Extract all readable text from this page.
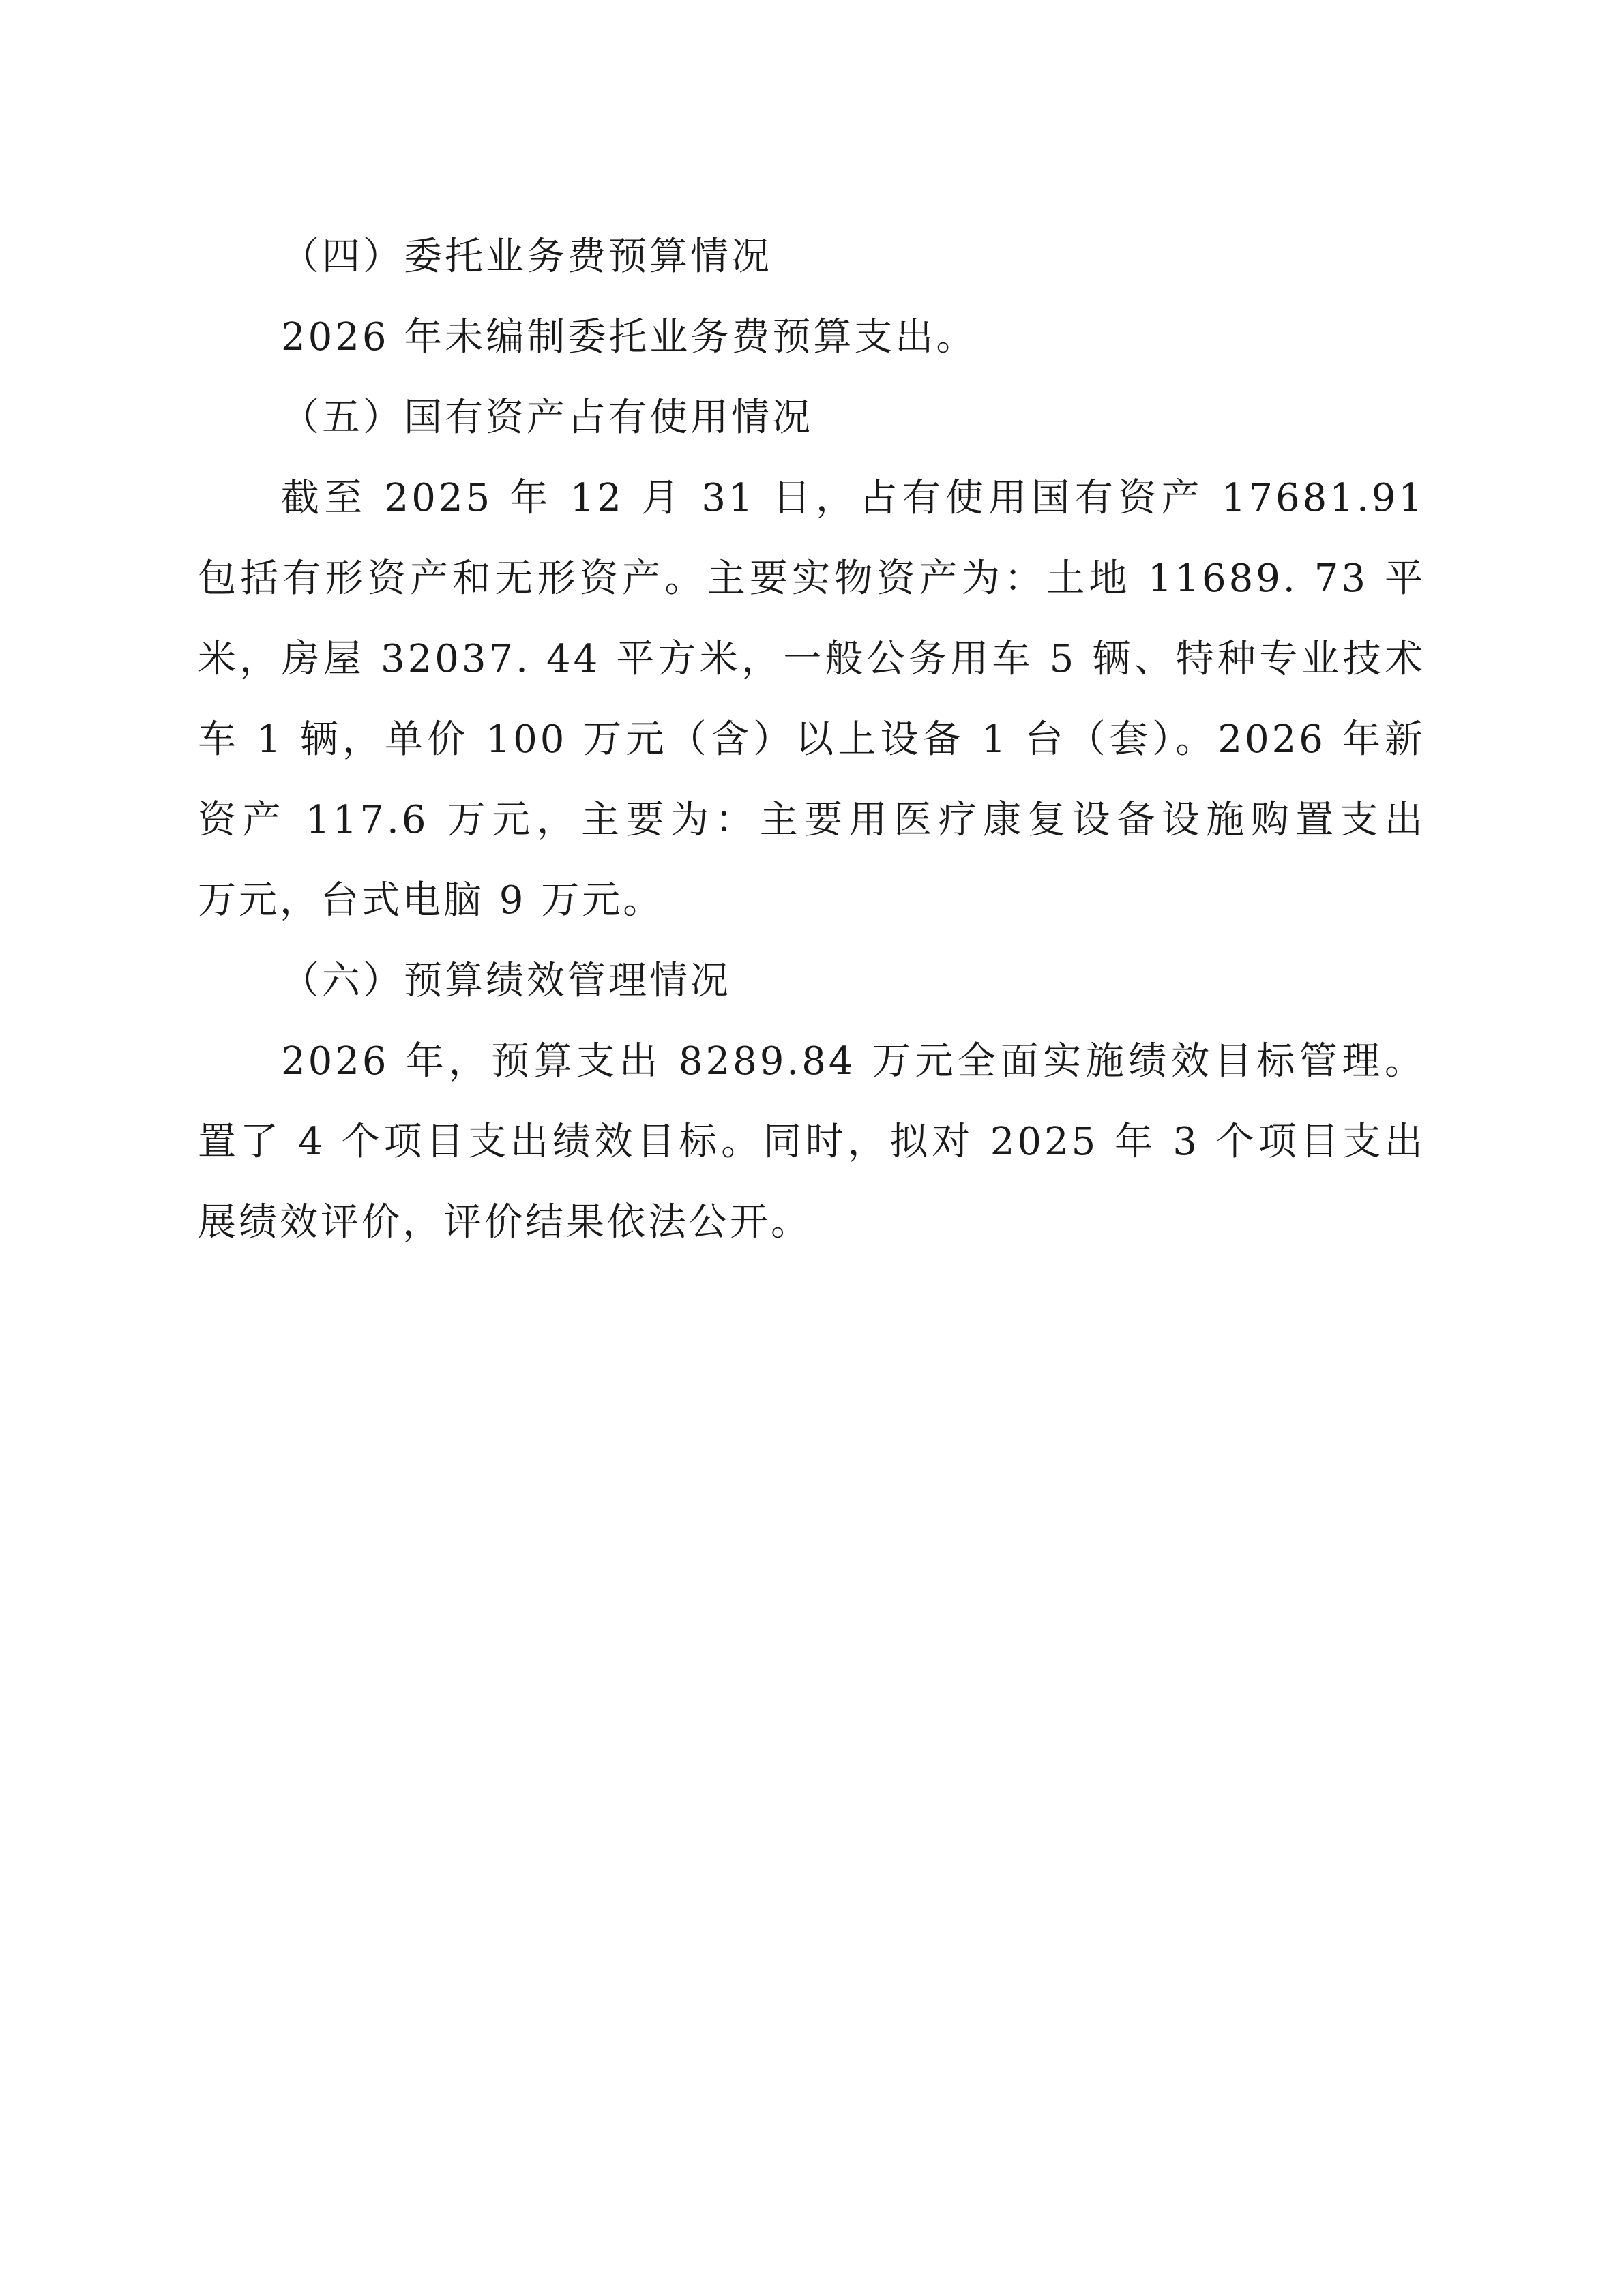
（四）委托业务费预算情况
2026 年未编制委托业务费预算支出。
（五）国有资产占有使用情况
截至 2025 年 12 月 31 日，占有使用国有资产 17681.91
包括有形资产和无形资产。主要实物资产为：土地 11689. 73 平
米，房屋 32037. 44 平方米，一般公务用车 5 辆、特种专业技术
车 1 辆，单价 100 万元（含）以上设备 1 台（套）。2026 年新
资产 117.6 万元，主要为：主要用医疗康复设备设施购置支出
万元，台式电脑 9 万元。
（六）预算绩效管理情况
2026 年，预算支出 8289.84 万元全面实施绩效目标管理。
置了 4 个项目支出绩效目标。同时，拟对 2025 年 3 个项目支出
展绩效评价，评价结果依法公开。
